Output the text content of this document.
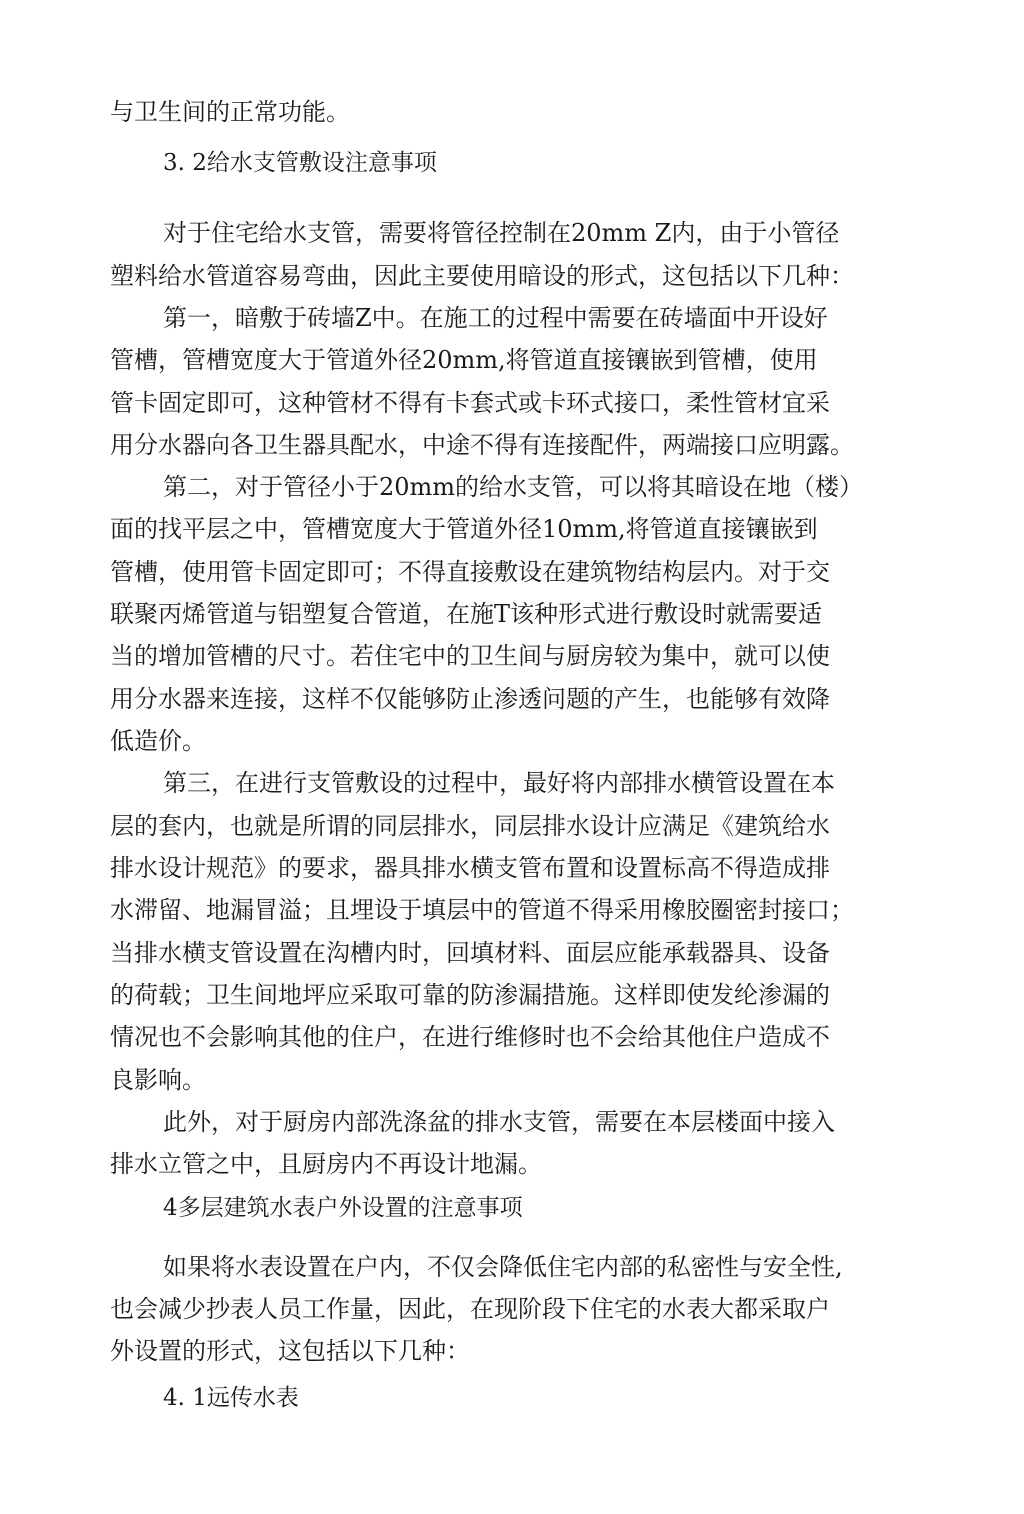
与卫生间的正常功能。
3. 2给水支管敷设注意事项
对于住宅给水支管，需要将管径控制在20mm Z内，由于小管径
塑料给水管道容易弯曲，因此主要使用暗设的形式，这包括以下几种：
第一，暗敷于砖墙Z中。在施工的过程中需要在砖墙面中开设好
管槽，管槽宽度大于管道外径20mm,将管道直接镶嵌到管槽，使用
管卡固定即可，这种管材不得有卡套式或卡环式接口，柔性管材宜采
用分水器向各卫生器具配水，中途不得有连接配件，两端接口应明露。
第二，对于管径小于20mm的给水支管，可以将其暗设在地（楼）
面的找平层之中，管槽宽度大于管道外径10mm,将管道直接镶嵌到
管槽，使用管卡固定即可；不得直接敷设在建筑物结构层内。对于交
联聚丙烯管道与铝塑复合管道，在施T该种形式进行敷设时就需要适
当的增加管槽的尺寸。若住宅中的卫生间与厨房较为集中，就可以使
用分水器来连接，这样不仅能够防止渗透问题的产生，也能够有效降
低造价。
第三，在进行支管敷设的过程中，最好将内部排水横管设置在本
层的套内，也就是所谓的同层排水，同层排水设计应满足《建筑给水
排水设计规范》的要求，器具排水横支管布置和设置标高不得造成排
水滞留、地漏冒溢；且埋设于填层中的管道不得采用橡胶圈密封接口；
当排水横支管设置在沟槽内时，回填材料、面层应能承载器具、设备
的荷载；卫生间地坪应采取可靠的防渗漏措施。这样即使发纶渗漏的
情况也不会影响其他的住户，在进行维修时也不会给其他住户造成不
良影响。
此外，对于厨房内部洗涤盆的排水支管，需要在本层楼面中接入
排水立管之中，且厨房内不再设计地漏。
4多层建筑水表户外设置的注意事项
如果将水表设置在户内，不仅会降低住宅内部的私密性与安全性,
也会减少抄表人员工作量，因此，在现阶段下住宅的水表大都采取户
外设置的形式，这包括以下几种：
4. 1远传水表
